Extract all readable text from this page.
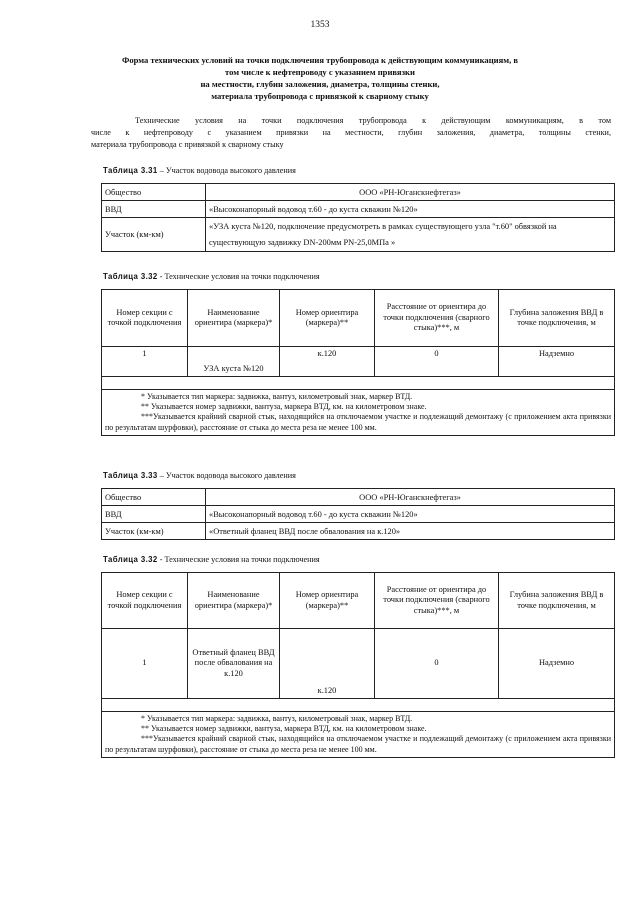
1353
Форма технических условий на точки подключения трубопровода к действующим коммуникациям, в
том числе к нефтепроводу с указанием привязки
на местности, глубин заложения, диаметра, толщины стенки,
материала трубопровода с привязкой к сварному стыку
Технические условия на точки подключения трубопровода к действующим коммуникациям, в том
числе к нефтепроводу с указанием привязки на местности, глубин заложения, диаметра, толщины стенки,
материала трубопровода с привязкой к сварному стыку
Таблица 3.31 – Участок водовода высокого давления
Общество	ООО «РН-Юганскнефтегаз»
ВВД	«Высоконапорный водовод т.60 - до куста скважин №120»
Участок (км-км)	«УЗА куста №120, подключение предусмотреть в рамках существующего узла "т.60" обвязкой на существующую задвижку DN-200мм PN-25,0МПа »
Таблица 3.32 - Технические условия на точки подключения
Номер секции с точкой подключения	Наименование ориентира (маркера)*	Номер ориентира (маркера)**	Расстояние от ориентира до точки подключения (сварного стыка)***, м	Глубина заложения ВВД в точке подключения, м
1	УЗА куста №120	к.120	0	Надземно

* Указывается тип маркера: задвижка, вантуз, километровый знак, маркер ВТД.

** Указывается номер задвижки, вантуза, маркера ВТД, км. на километровом знаке.

***Указывается крайний сварной стык, находящийся на отключаемом участке и подлежащий демонтажу (с приложением акта привязки по результатам шурфовки), расстояние от стыка до места реза не менее 100 мм.				

Таблица 3.33 – Участок водовода высокого давления
Общество	ООО «РН-Юганскнефтегаз»
ВВД	«Высоконапорный водовод т.60 - до куста скважин №120»
Участок (км-км)	«Ответный фланец ВВД после обвалования на к.120»
Таблица 3.32 - Технические условия на точки подключения
Номер секции с точкой подключения	Наименование ориентира (маркера)*	Номер ориентира (маркера)**	Расстояние от ориентира до точки подключения (сварного стыка)***, м	Глубина заложения ВВД в точке подключения, м
1	Ответный фланец ВВД после обвалования на к.120	к.120	0	Надземно

* Указывается тип маркера: задвижка, вантуз, километровый знак, маркер ВТД.

** Указывается номер задвижки, вантуза, маркера ВТД, км. на километровом знаке.

***Указывается крайний сварной стык, находящийся на отключаемом участке и подлежащий демонтажу (с приложением акта привязки по результатам шурфовки), расстояние от стыка до места реза не менее 100 мм.				
